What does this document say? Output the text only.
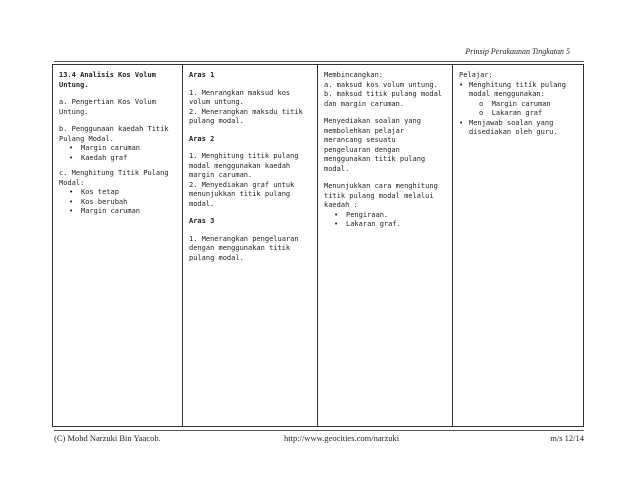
Prinsip Perakaunan Tingkatan 5
13.4 Analisis Kos Volum
Untung.
a. Pengertian Kos Volum
Untung.
b. Penggunaan kaedah Titik
Pulang Modal.
• Margin caruman
• Kaedah graf
c. Menghitung Titik Pulang
Modal:
• Kos tetap
• Kos berubah
• Margin caruman
Aras 1
1. Menrangkan maksud kos
volum untung.
2. Menerangkan maksdu titik
pulang modal.
Aras 2
1. Menghitung titik pulang
modal menggunakan kaedah
margin caruman.
2. Menyediakan graf untuk
menunjukkan titik pulang
modal.
Aras 3
1. Menerangkan pengeluaran
dengan menggunakan titik
pulang modal.
Membincangkan:
a. maksud kos volum untung.
b. maksud titik pulang modal
dan margin caruman.
Menyediakan soalan yang
membolehkan pelajar
merancang sesuatu
pengeluaran dengan
menggunakan titik pulang
modal.
Menunjukkan cara menghitung
titik pulang modal melalui
kaedah :
• Pengiraan.
• Lakaran graf.
Pelajar:
• Menghitung titik pulang
modal menggunakan:
o  Margin caruman
o  Lakaran graf
• Menjawab soalan yang
disediakan oleh guru.
(C) Mohd Narzuki Bin Yaacob.	http://www.geocities.com/narzuki	m/s 12/14
